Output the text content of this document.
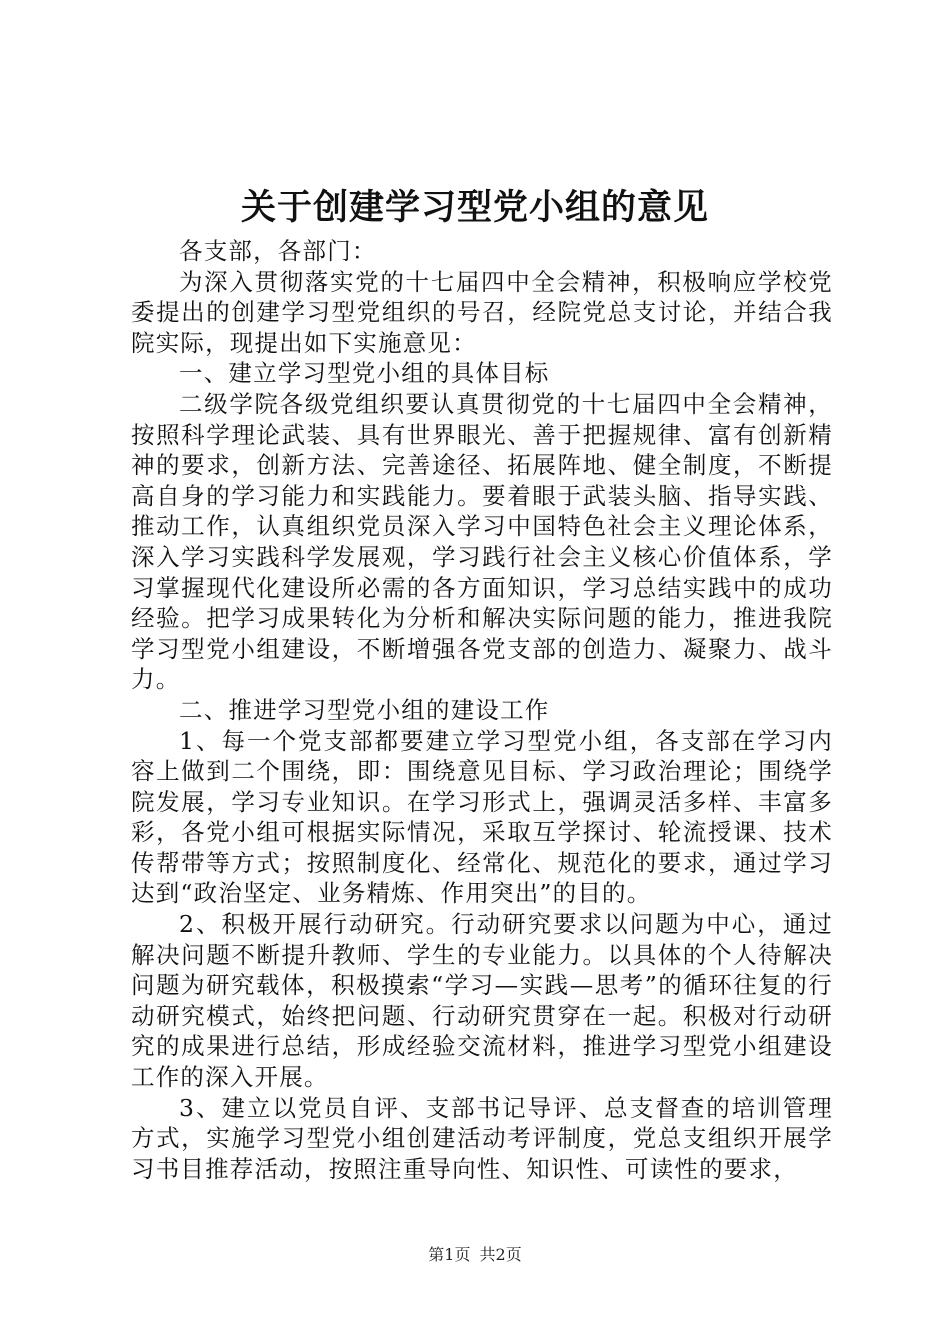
关于创建学习型党小组的意见

各支部，各部门：

为深入贯彻落实党的十七届四中全会精神，积极响应学校党委提出的创建学习型党组织的号召，经院党总支讨论，并结合我院实际，现提出如下实施意见：

一、建立学习型党小组的具体目标

二级学院各级党组织要认真贯彻党的十七届四中全会精神，按照科学理论武装、具有世界眼光、善于把握规律、富有创新精神的要求，创新方法、完善途径、拓展阵地、健全制度，不断提高自身的学习能力和实践能力。要着眼于武装头脑、指导实践、推动工作，认真组织党员深入学习中国特色社会主义理论体系，深入学习实践科学发展观，学习践行社会主义核心价值体系，学习掌握现代化建设所必需的各方面知识，学习总结实践中的成功经验。把学习成果转化为分析和解决实际问题的能力，推进我院学习型党小组建设，不断增强各党支部的创造力、凝聚力、战斗力。

二、推进学习型党小组的建设工作

1、每一个党支部都要建立学习型党小组，各支部在学习内容上做到二个围绕，即：围绕意见目标、学习政治理论；围绕学院发展，学习专业知识。在学习形式上，强调灵活多样、丰富多彩，各党小组可根据实际情况，采取互学探讨、轮流授课、技术传帮带等方式；按照制度化、经常化、规范化的要求，通过学习达到“政治坚定、业务精炼、作用突出”的目的。

2、积极开展行动研究。行动研究要求以问题为中心，通过解决问题不断提升教师、学生的专业能力。以具体的个人待解决问题为研究载体，积极摸索“学习—实践—思考”的循环往复的行动研究模式，始终把问题、行动研究贯穿在一起。积极对行动研究的成果进行总结，形成经验交流材料，推进学习型党小组建设工作的深入开展。

3、建立以党员自评、支部书记导评、总支督查的培训管理方式，实施学习型党小组创建活动考评制度，党总支组织开展学习书目推荐活动，按照注重导向性、知识性、可读性的要求，

第1页 共2页
